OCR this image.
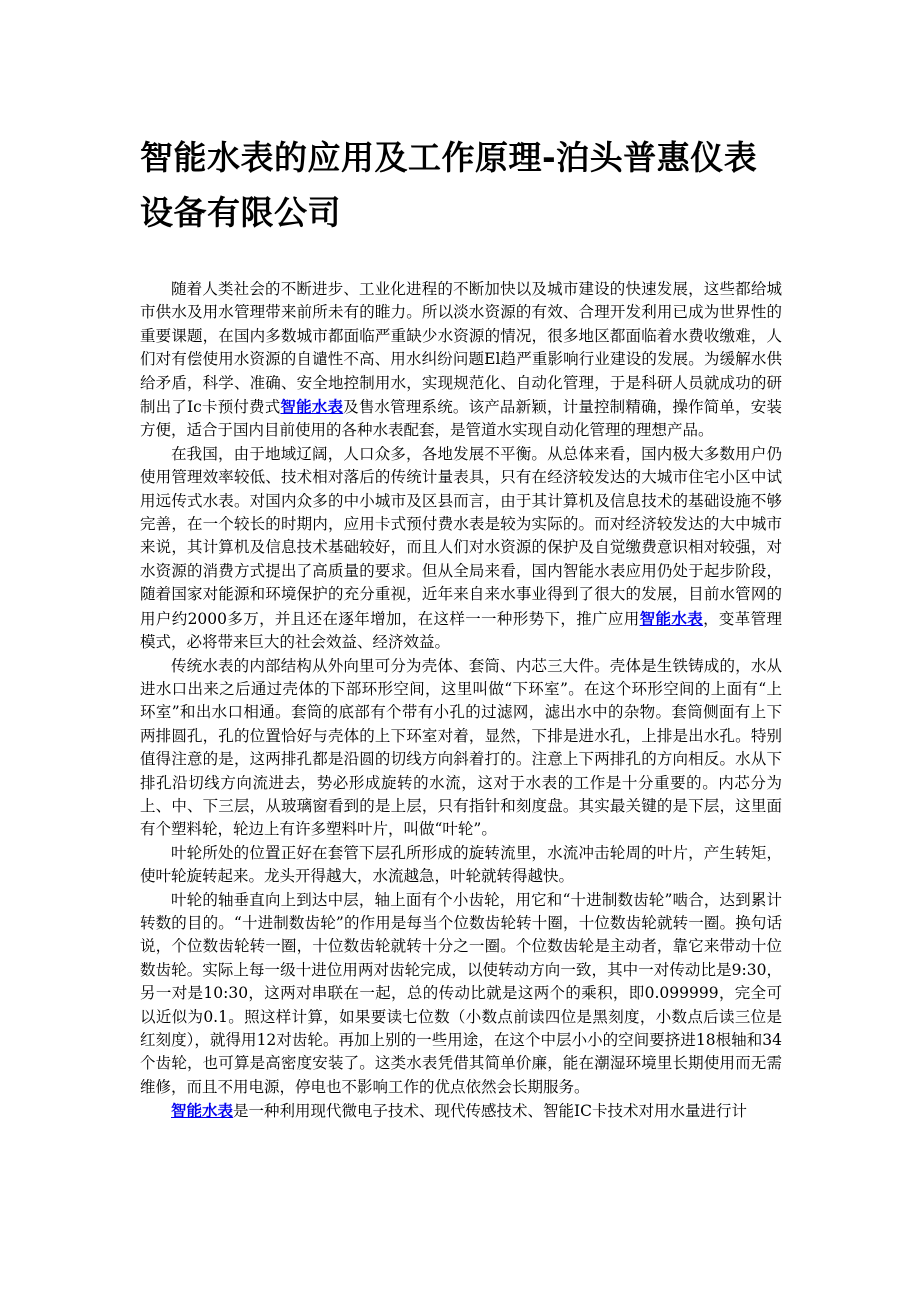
智能水表的应用及工作原理-泊头普惠仪表设备有限公司

随着人类社会的不断进步、工业化进程的不断加快以及城市建设的快速发展，这些都给城市供水及用水管理带来前所未有的睢力。所以淡水资源的有效、合理开发利用已成为世界性的重要课题，在国内多数城市都面临严重缺少水资源的情况，很多地区都面临着水费收缴难，人们对有偿使用水资源的自谴性不高、用水纠纷问题El趋严重影响行业建设的发展。为缓解水供给矛盾，科学、准确、安全地控制用水，实现规范化、自动化管理，于是科研人员就成功的研制出了Ic卡预付费式智能水表及售水管理系统。该产品新颖，计量控制精确，操作简单，安装方便，适合于国内目前使用的各种水表配套，是管道水实现自动化管理的理想产品。

在我国，由于地域辽阔，人口众多，各地发展不平衡。从总体来看，国内极大多数用户仍使用管理效率较低、技术相对落后的传统计量表具，只有在经济较发达的大城市住宅小区中试用远传式水表。对国内众多的中小城市及区县而言，由于其计算机及信息技术的基础设施不够完善，在一个较长的时期内，应用卡式预付费水表是较为实际的。而对经济较发达的大中城市来说，其计算机及信息技术基础较好，而且人们对水资源的保护及自觉缴费意识相对较强，对水资源的消费方式提出了高质量的要求。但从全局来看，国内智能水表应用仍处于起步阶段，随着国家对能源和环境保护的充分重视，近年来自来水事业得到了很大的发展，目前水管网的用户约2000多万，并且还在逐年增加，在这样一一种形势下，推广应用智能水表，变革管理模式，必将带来巨大的社会效益、经济效益。

传统水表的内部结构从外向里可分为壳体、套筒、内芯三大件。壳体是生铁铸成的，水从进水口出来之后通过壳体的下部环形空间，这里叫做“下环室”。在这个环形空间的上面有“上环室”和出水口相通。套筒的底部有个带有小孔的过滤网，滤出水中的杂物。套筒侧面有上下两排圆孔，孔的位置恰好与壳体的上下环室对着，显然，下排是进水孔，上排是出水孔。特别值得注意的是，这两排孔都是沿圆的切线方向斜着打的。注意上下两排孔的方向相反。水从下排孔沿切线方向流进去，势必形成旋转的水流，这对于水表的工作是十分重要的。内芯分为上、中、下三层，从玻璃窗看到的是上层，只有指针和刻度盘。其实最关键的是下层，这里面有个塑料轮，轮边上有许多塑料叶片，叫做“叶轮”。

叶轮所处的位置正好在套管下层孔所形成的旋转流里，水流冲击轮周的叶片，产生转矩，使叶轮旋转起来。龙头开得越大，水流越急，叶轮就转得越快。

叶轮的轴垂直向上到达中层，轴上面有个小齿轮，用它和“十进制数齿轮”啮合，达到累计转数的目的。“十进制数齿轮”的作用是每当个位数齿轮转十圈，十位数齿轮就转一圈。换句话说，个位数齿轮转一圈，十位数齿轮就转十分之一圈。个位数齿轮是主动者，靠它来带动十位数齿轮。实际上每一级十进位用两对齿轮完成，以使转动方向一致，其中一对传动比是9:30，另一对是10:30，这两对串联在一起，总的传动比就是这两个的乘积，即0.099999，完全可以近似为0.1。照这样计算，如果要读七位数（小数点前读四位是黑刻度，小数点后读三位是红刻度），就得用12对齿轮。再加上别的一些用途，在这个中层小小的空间要挤进18根轴和34个齿轮，也可算是高密度安装了。这类水表凭借其简单价廉，能在潮湿环境里长期使用而无需维修，而且不用电源，停电也不影响工作的优点依然会长期服务。

智能水表是一种利用现代微电子技术、现代传感技术、智能IC卡技术对用水量进行计
